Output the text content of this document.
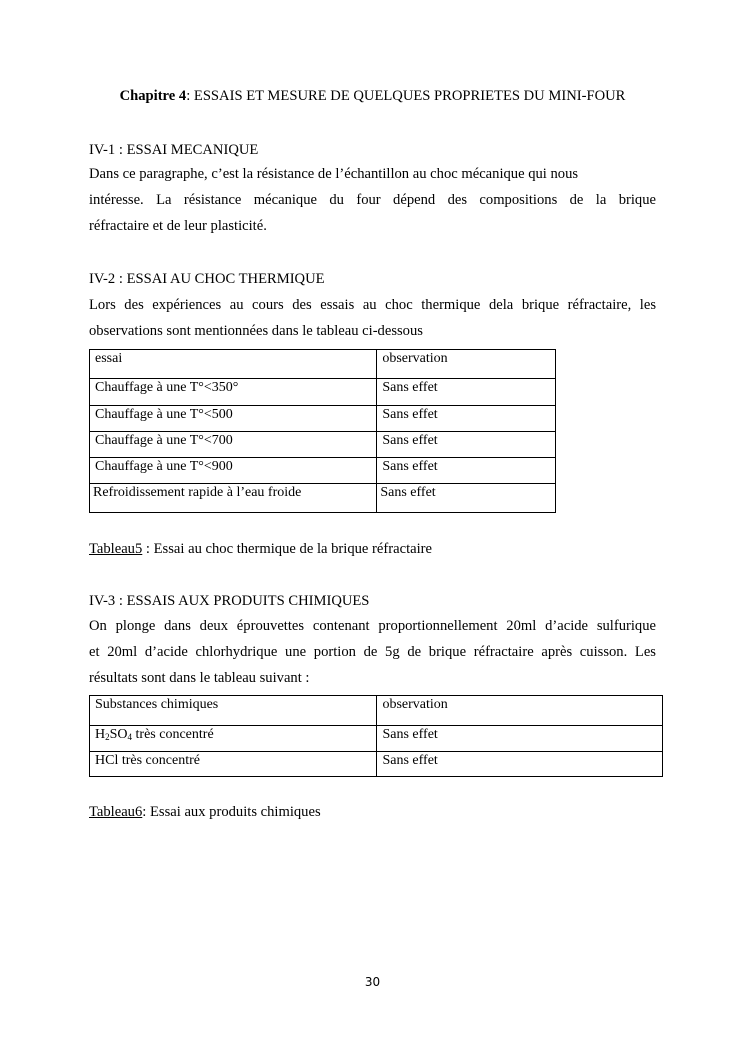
Chapitre 4: ESSAIS ET MESURE DE QUELQUES PROPRIETES DU MINI-FOUR
IV-1 : ESSAI MECANIQUE
Dans ce paragraphe, c’est la résistance de l’échantillon au choc mécanique qui nous
intéresse. La résistance mécanique du four dépend des compositions de la brique
réfractaire et de leur plasticité.
IV-2 : ESSAI AU CHOC THERMIQUE
Lors des expériences au cours des essais au choc thermique dela brique réfractaire, les
observations sont mentionnées dans le tableau ci-dessous
essai	observation
Chauffage à une T°<350°	Sans effet
Chauffage à une T°<500	Sans effet
Chauffage à une T°<700	Sans effet
Chauffage à une T°<900	Sans effet
Refroidissement rapide à l’eau froide	Sans effet
Tableau5 : Essai au choc thermique de la brique réfractaire
IV-3 : ESSAIS AUX PRODUITS CHIMIQUES
On plonge dans deux éprouvettes contenant proportionnellement 20ml d’acide sulfurique
et 20ml d’acide chlorhydrique une portion de 5g de brique réfractaire après cuisson. Les
résultats sont dans le tableau suivant :
Substances chimiques	observation
$H_2SO_4$ très concentré	Sans effet
HCl très concentré	Sans effet
Tableau6: Essai aux produits chimiques
30
